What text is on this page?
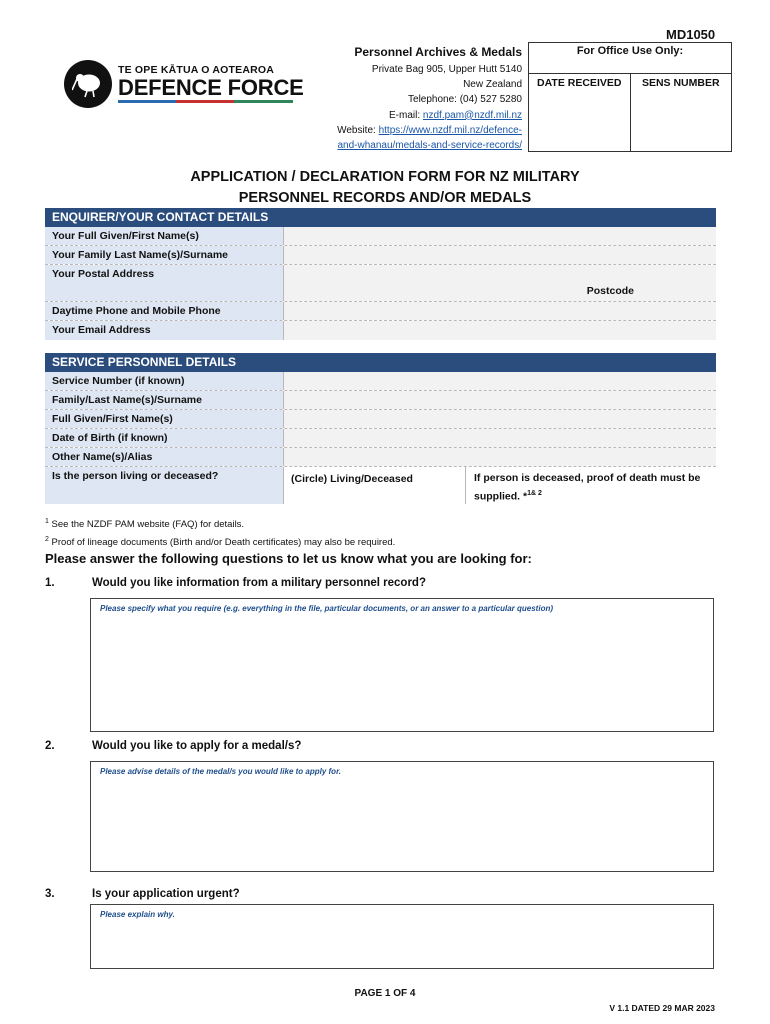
MD1050
TE OPE KĀTUA O AOTEAROA
DEFENCE FORCE
Personnel Archives & Medals
Private Bag 905, Upper Hutt 5140
New Zealand
Telephone: (04) 527 5280
E-mail: nzdf.pam@nzdf.mil.nz
Website: https://www.nzdf.mil.nz/defence-
and-whanau/medals-and-service-records/
For Office Use Only:
DATE RECEIVED	SENS NUMBER
APPLICATION / DECLARATION FORM FOR NZ MILITARY
PERSONNEL RECORDS AND/OR MEDALS
ENQUIRER/YOUR CONTACT DETAILS
Your Full Given/First Name(s)
Your Family Last Name(s)/Surname
Your Postal Address
Postcode
Daytime Phone and Mobile Phone
Your Email Address
SERVICE PERSONNEL DETAILS
Service Number (if known)
Family/Last Name(s)/Surname
Full Given/First Name(s)
Date of Birth (if known)
Other Name(s)/Alias
Is the person living or deceased?	(Circle) Living/Deceased	If person is deceased, proof of death must be supplied. *$^{1\& 2}$
$^1$ See the NZDF PAM website (FAQ) for details.
$^2$ Proof of lineage documents (Birth and/or Death certificates) may also be required.
Please answer the following questions to let us know what you are looking for:
1.	Would you like information from a military personnel record?
Please specify what you require (e.g. everything in the file, particular documents, or an answer to a particular question)
2.	Would you like to apply for a medal/s?
Please advise details of the medal/s you would like to apply for.
3.	Is your application urgent?
Please explain why.
PAGE 1 OF 4
V 1.1 DATED 29 MAR 2023
